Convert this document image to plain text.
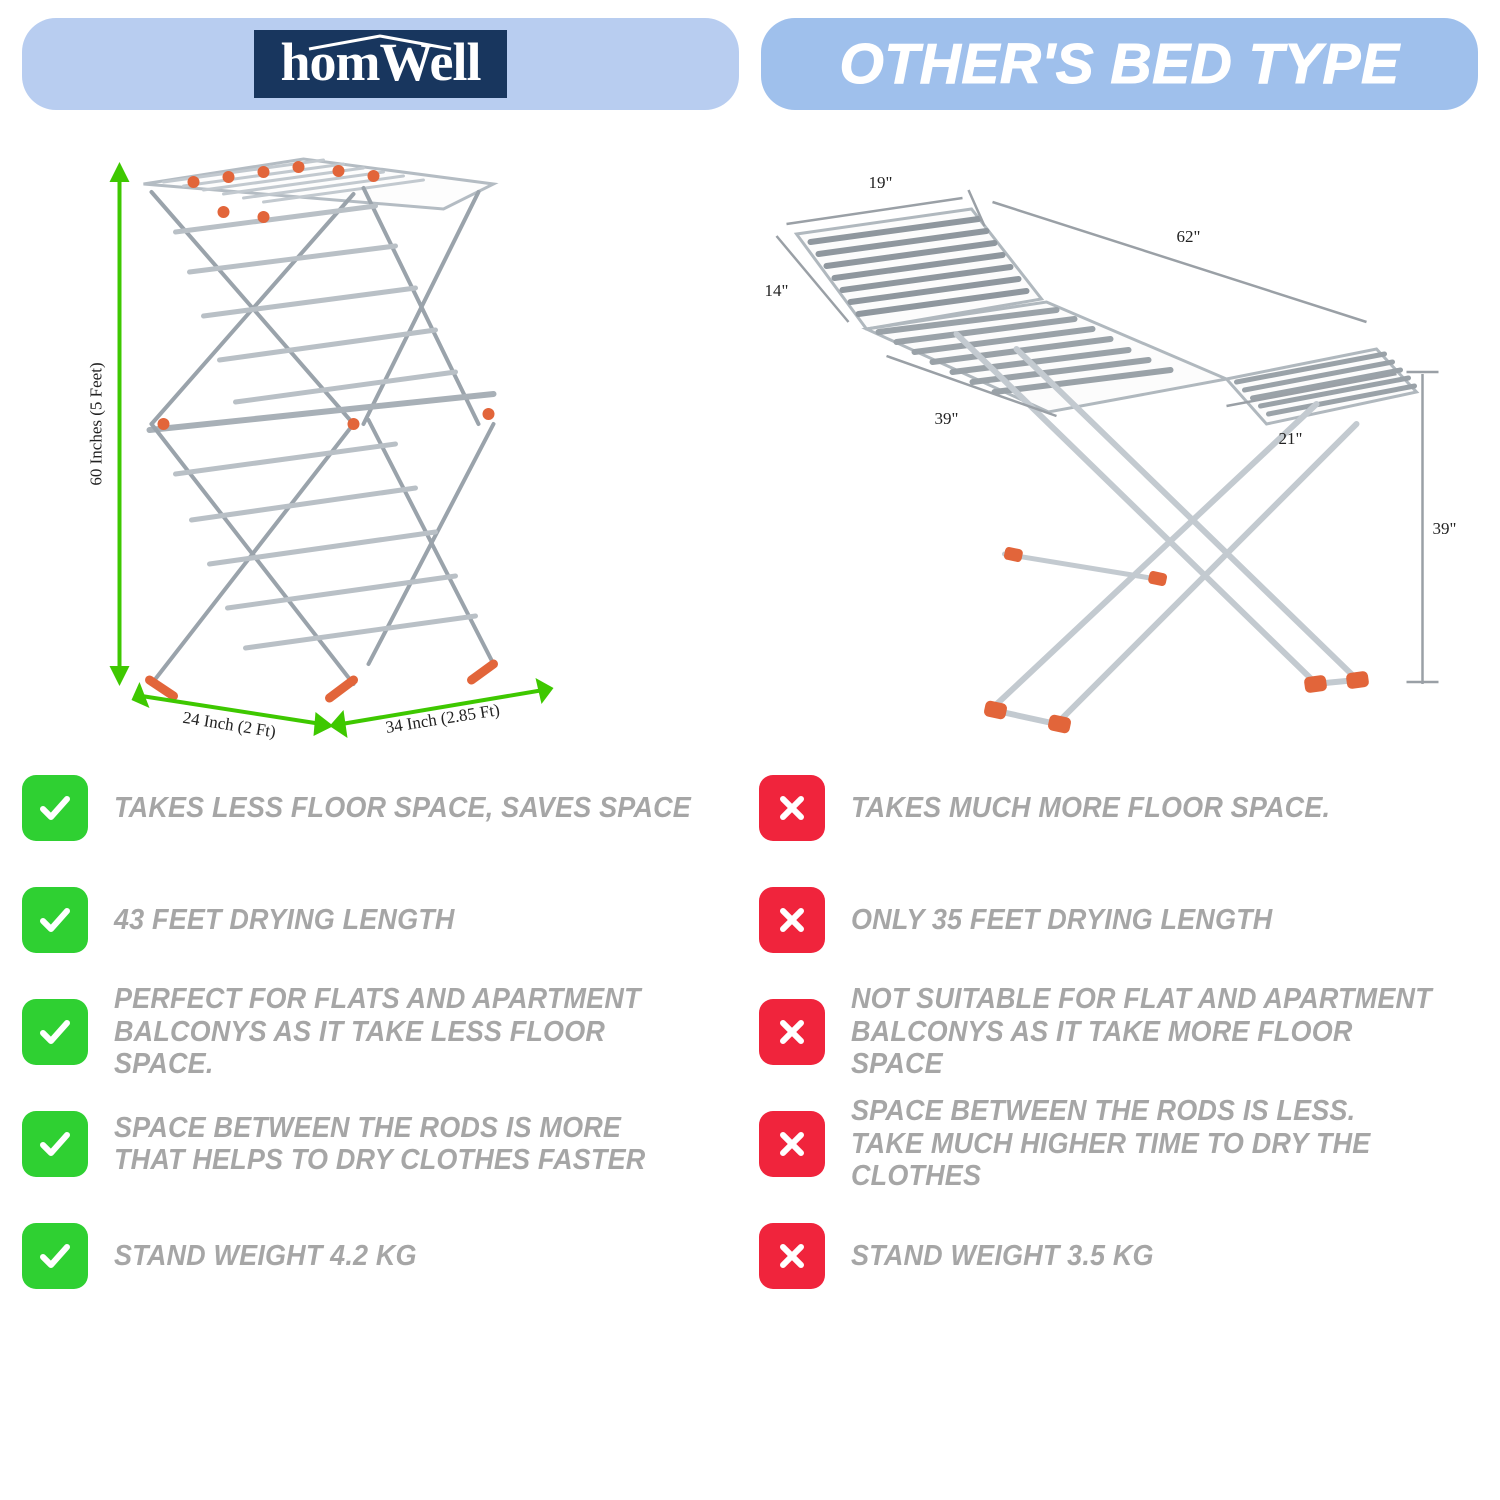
homWell	OTHER'S BED TYPE
60 Inches (5 Feet)
24 Inch (2 Ft)	34 Inch (2.85 Ft)
19"
62"
14"
39"
21"
39"
TAKES LESS FLOOR SPACE, SAVES SPACE
43 FEET DRYING LENGTH
PERFECT FOR FLATS AND APARTMENT BALCONYS AS IT TAKE LESS FLOOR SPACE.
SPACE BETWEEN THE RODS IS MORE THAT HELPS TO DRY CLOTHES FASTER
STAND WEIGHT 4.2 KG
TAKES MUCH MORE FLOOR SPACE.
ONLY 35 FEET DRYING LENGTH
NOT SUITABLE FOR FLAT AND APARTMENT BALCONYS AS IT TAKE MORE FLOOR SPACE
SPACE BETWEEN THE RODS IS LESS. TAKE MUCH HIGHER TIME TO DRY THE CLOTHES
STAND WEIGHT 3.5 KG
